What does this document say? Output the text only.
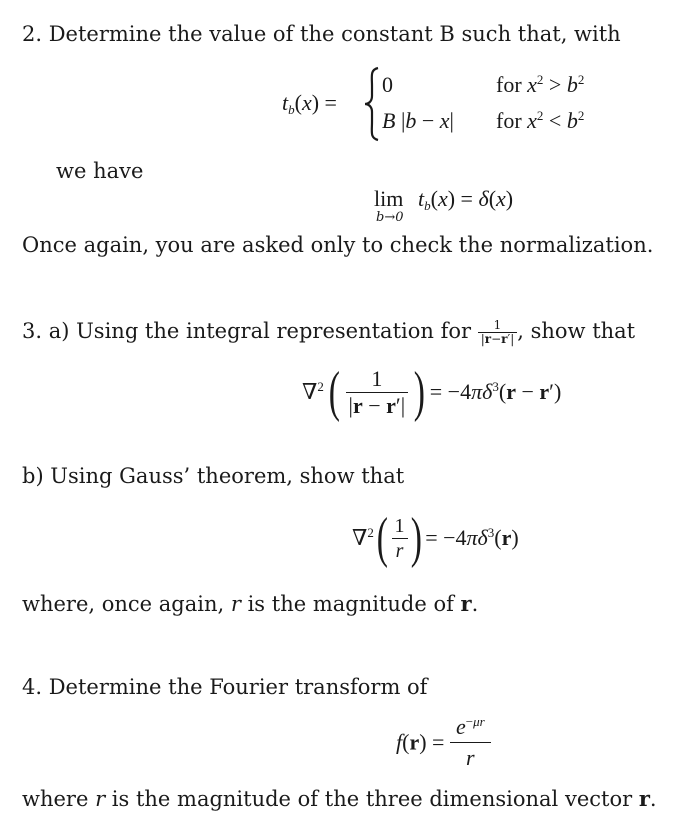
2. Determine the value of the constant B such that, with
$t_b(x)$ =
0	for $x^2 > b^2$
B |b − x| for $x^2 < b^2$
we have
lim
b→0
$t_b(x) = \delta(x)$
Once again, you are asked only to check the normalization.
3. a) Using the integral representation for $\frac{1}{|r-r'|}$ , show that
∇$^2$ ( $\frac{1}{|r - r'|}$ ) = $-4\pi\delta^3(r - r')$
b) Using Gauss’ theorem, show that
∇$^2$ ( $\frac{1}{r}$ ) = $-4\pi\delta^3(r)$
where, once again, r is the magnitude of r.
4. Determine the Fourier transform of
$f(r) = \frac{e^{-\mu r}}{r}$
where r is the magnitude of the three dimensional vector r.
